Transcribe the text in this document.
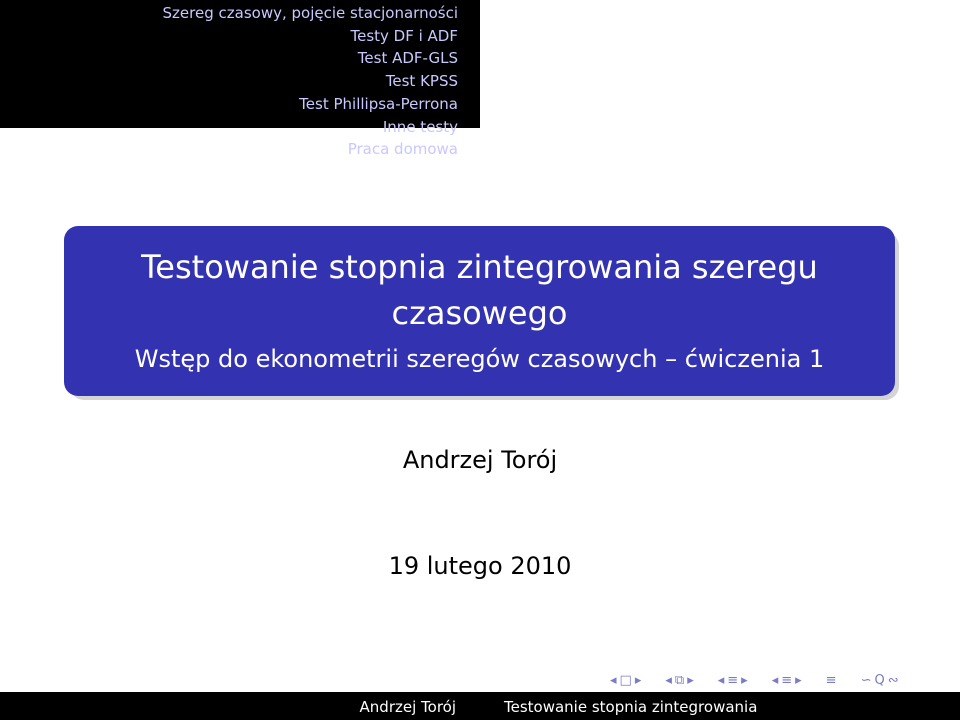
Szereg czasowy, pojęcie stacjonarności
Testy DF i ADF
Test ADF-GLS
Test KPSS
Test Phillipsa-Perrona
Inne testy
Praca domowa
Testowanie stopnia zintegrowania szeregu
czasowego
Wstęp do ekonometrii szeregów czasowych – ćwiczenia 1
Andrzej Torój
19 lutego 2010
◂ □ ▸ ◂ ⧉ ▸ ◂ ≡ ▸ ◂ ≡ ▸ ≡ ∽ Q ∾
Andrzej Torój	Testowanie stopnia zintegrowania
